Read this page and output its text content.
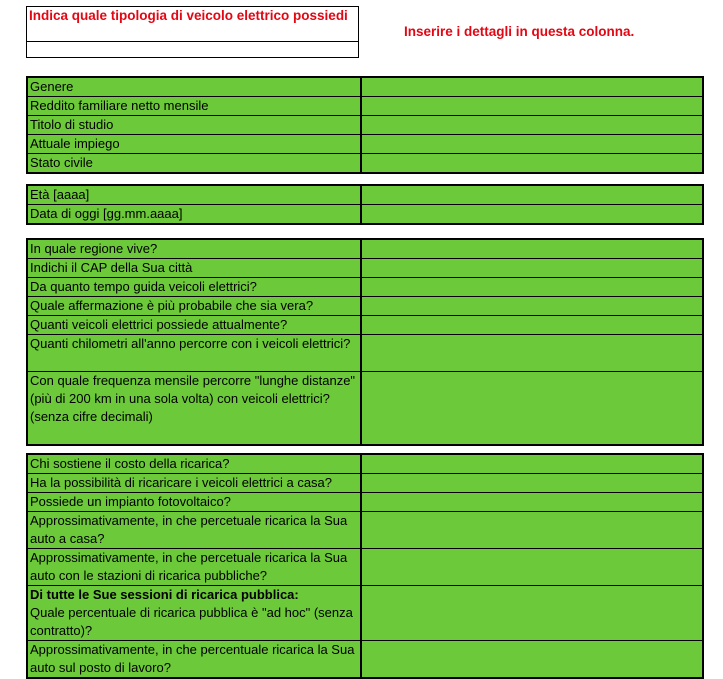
Indica quale tipologia di veicolo elettrico possiedi
Inserire i dettagli in questa colonna.
Genere	
Reddito familiare netto mensile	
Titolo di studio	
Attuale impiego	
Stato civile	
Età [aaaa]	
Data di oggi [gg.mm.aaaa]	
In quale regione vive?	
Indichi il CAP della Sua città	
Da quanto tempo guida veicoli elettrici?	
Quale affermazione è più probabile che sia vera?	
Quanti veicoli elettrici possiede attualmente?	
Quanti chilometri all'anno percorre con i veicoli elettrici?	
Con quale frequenza mensile percorre "lunghe distanze" (più di 200 km in una sola volta) con veicoli elettrici?
(senza cifre decimali)	
Chi sostiene il costo della ricarica?	
Ha la possibilità di ricaricare i veicoli elettrici a casa?	
Possiede un impianto fotovoltaico?	
Approssimativamente, in che percetuale ricarica la Sua auto a casa?	
Approssimativamente, in che percetuale ricarica la Sua auto con le stazioni di ricarica pubbliche?	
Di tutte le Sue sessioni di ricarica pubblica:
Quale percentuale di ricarica pubblica è "ad hoc" (senza contratto)?	
Approssimativamente, in che percentuale ricarica la Sua auto sul posto di lavoro?	
